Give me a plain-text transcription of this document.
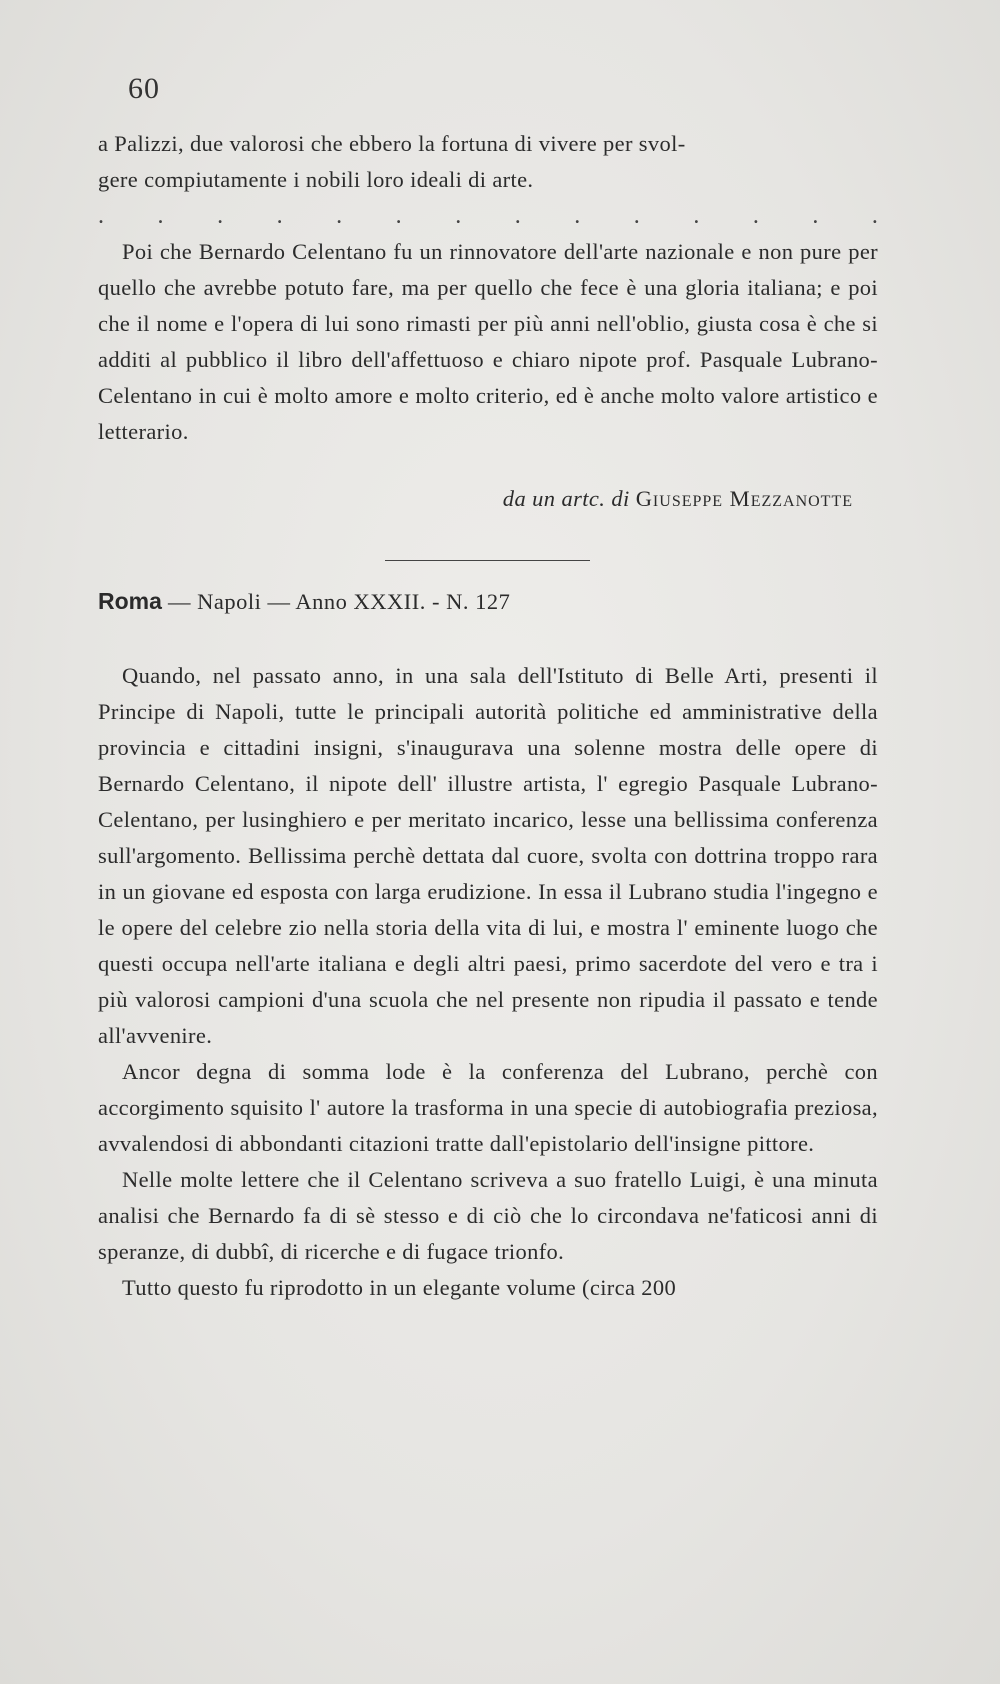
60

a Palizzi, due valorosi che ebbero la fortuna di vivere per svol-

gere compiutamente i nobili loro ideali di arte.

. . . . . . . . . . . . . .

Poi che Bernardo Celentano fu un rinnovatore dell'arte nazionale e non pure per quello che avrebbe potuto fare, ma per quello che fece è una gloria italiana; e poi che il nome e l'opera di lui sono rimasti per più anni nell'oblio, giusta cosa è che si additi al pubblico il libro dell'affettuoso e chiaro nipote prof. Pasquale Lubrano-Celentano in cui è molto amore e molto criterio, ed è anche molto valore artistico e letterario.

da un artc. di Giuseppe Mezzanotte
Roma — Napoli — Anno XXXII. - N. 127

Quando, nel passato anno, in una sala dell'Istituto di Belle Arti, presenti il Principe di Napoli, tutte le principali autorità politiche ed amministrative della provincia e cittadini insigni, s'inaugurava una solenne mostra delle opere di Bernardo Celentano, il nipote dell' illustre artista, l' egregio Pasquale Lubrano-Celentano, per lusinghiero e per meritato incarico, lesse una bellissima conferenza sull'argomento. Bellissima perchè dettata dal cuore, svolta con dottrina troppo rara in un giovane ed esposta con larga erudizione. In essa il Lubrano studia l'ingegno e le opere del celebre zio nella storia della vita di lui, e mostra l' eminente luogo che questi occupa nell'arte italiana e degli altri paesi, primo sacerdote del vero e tra i più valorosi campioni d'una scuola che nel presente non ripudia il passato e tende all'avvenire.

Ancor degna di somma lode è la conferenza del Lubrano, perchè con accorgimento squisito l' autore la trasforma in una specie di autobiografia preziosa, avvalendosi di abbondanti citazioni tratte dall'epistolario dell'insigne pittore.

Nelle molte lettere che il Celentano scriveva a suo fratello Luigi, è una minuta analisi che Bernardo fa di sè stesso e di ciò che lo circondava ne'faticosi anni di speranze, di dubbî, di ricerche e di fugace trionfo.

Tutto questo fu riprodotto in un elegante volume (circa 200
